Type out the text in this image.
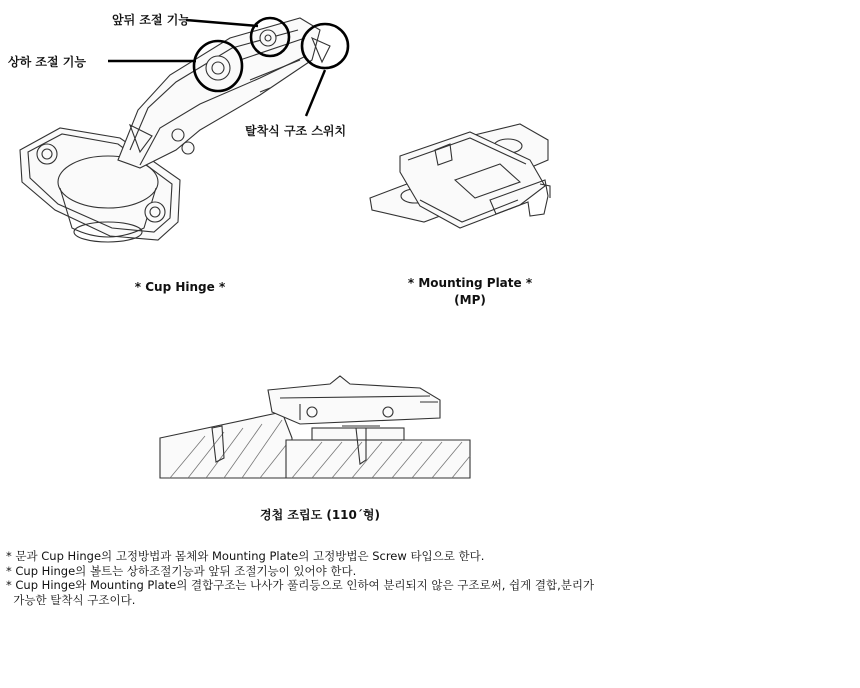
앞뒤 조절 기능
상하 조절 기능
탈착식 구조 스위치
* Cup Hinge *	* Mounting Plate *
(MP)
경첩 조립도 (110´형)
* 문과 Cup Hinge의 고정방법과 몸체와 Mounting Plate의 고정방법은 Screw 타입으로 한다.
* Cup Hinge의 볼트는 상하조절기능과 앞뒤 조절기능이 있어야 한다.
* Cup Hinge와 Mounting Plate의 결합구조는 나사가 풀리등으로 인하여 분리되지 않은 구조로써, 쉽게 결합,분리가
가능한 탈착식 구조이다.
